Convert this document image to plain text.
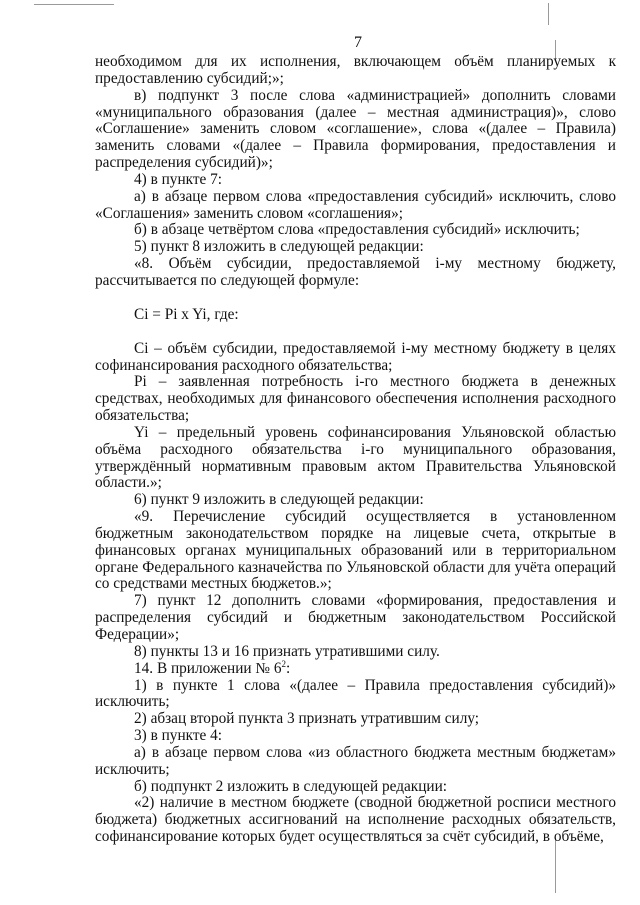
7

необходимом для их исполнения, включающем объём планируемых к предоставлению субсидий;»;

в) подпункт 3 после слова «администрацией» дополнить словами «муниципального образования (далее – местная администрация)», слово «Соглашение» заменить словом «соглашение», слова «(далее – Правила) заменить словами «(далее – Правила формирования, предоставления и распределения субсидий)»;

4) в пункте 7:

а) в абзаце первом слова «предоставления субсидий» исключить, слово «Соглашения» заменить словом «соглашения»;

б) в абзаце четвёртом слова «предоставления субсидий» исключить;

5) пункт 8 изложить в следующей редакции:

«8. Объём субсидии, предоставляемой i-му местному бюджету, рассчитывается по следующей формуле:

Ci = Pi x Yi, где:

Ci – объём субсидии, предоставляемой i-му местному бюджету в целях софинансирования расходного обязательства;

Pi – заявленная потребность i-го местного бюджета в денежных средствах, необходимых для финансового обеспечения исполнения расходного обязательства;

Yi – предельный уровень софинансирования Ульяновской областью объёма расходного обязательства i-го муниципального образования, утверждённый нормативным правовым актом Правительства Ульяновской области.»;

6) пункт 9 изложить в следующей редакции:

«9. Перечисление субсидий осуществляется в установленном бюджетным законодательством порядке на лицевые счета, открытые в финансовых органах муниципальных образований или в территориальном органе Федерального казначейства по Ульяновской области для учёта операций со средствами местных бюджетов.»;

7) пункт 12 дополнить словами «формирования, предоставления и распределения субсидий и бюджетным законодательством Российской Федерации»;

8) пункты 13 и 16 признать утратившими силу.

14. В приложении № $6^2$:

1) в пункте 1 слова «(далее – Правила предоставления субсидий)» исключить;

2) абзац второй пункта 3 признать утратившим силу;

3) в пункте 4:

а) в абзаце первом слова «из областного бюджета местным бюджетам» исключить;

б) подпункт 2 изложить в следующей редакции:

«2) наличие в местном бюджете (сводной бюджетной росписи местного бюджета) бюджетных ассигнований на исполнение расходных обязательств, софинансирование которых будет осуществляться за счёт субсидий, в объёме,
